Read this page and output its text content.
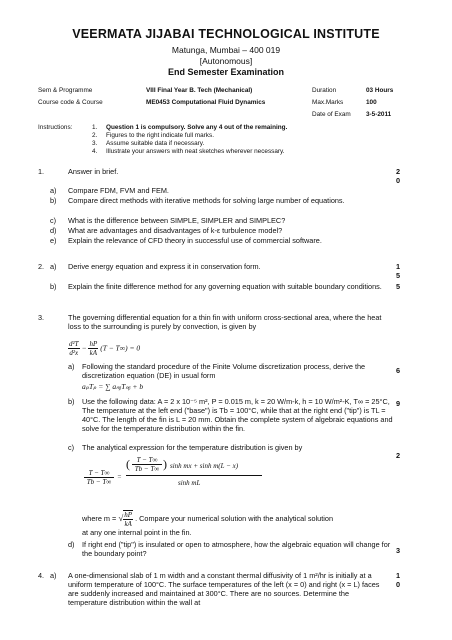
VEERMATA JIJABAI TECHNOLOGICAL INSTITUTE
Matunga, Mumbai – 400 019
[Autonomous]
End Semester Examination
Sem & Programme	VIII Final Year B. Tech (Mechanical)	Duration	03 Hours
Course code & Course	ME0453 Computational Fluid Dynamics	Max.Marks	100
Date of Exam 3-5-2011
Instructions:	1. Question 1 is compulsory. Solve any 4 out of the remaining.
2. Figures to the right indicate full marks.
3. Assume suitable data if necessary.
4. Illustrate your answers with neat sketches wherever necessary.
1.	Answer in brief.	20
a) Compare FDM, FVM and FEM.
b) Compare direct methods with iterative methods for solving large number of equations.
c) What is the difference between SIMPLE, SIMPLER and SIMPLEC?
d) What are advantages and disadvantages of k-ε turbulence model?
e) Explain the relevance of CFD theory in successful use of commercial software.
2. a) Derive energy equation and express it in conservation form.	15
b) Explain the finite difference method for any governing equation with suitable boundary conditions.	5
3.	The governing differential equation for a thin fin with uniform cross-sectional area, where the heat loss to the surrounding is purely by convection, is given by
$\frac{\text{d²T}}{\text{d²x}} - \frac{hP}{kA} (T - T\infty) = 0$
a) Following the standard procedure of the Finite Volume discretization process, derive the discretization equation (DE) in usual form
6
aₚTₚ = ∑ aₙᵦTₙᵦ + b
b) Use the following data: A = 2 x 10⁻⁵ m², P = 0.015 m, k = 20 W/m-k, h = 10 W/m²-K, T∞ = 25°C, The temperature at the left end ("base") is Tb = 100°C, while that at the right end ("tip") is TL = 40°C. The length of the fin is L = 20 mm. Obtain the complete system of algebraic equations and solve for the temperature distribution within the fin.
9
c) The analytical expression for the temperature distribution is given by
2
T − T∞
Tb − T∞
=
( T − T∞
Tb − T∞ ) sinh mx + sinh m(L − x)
sinh mL
where m = √ $\frac{hP}{kA}$ . Compare your numerical solution with the analytical solution
at any one internal point in the fin.
d) If right end ("tip") is insulated or open to atmosphere, how the algebraic equation will change for the boundary point?	3
4. a) A one-dimensional slab of 1 m width and a constant thermal diffusivity of 1 m²/hr is initially at a uniform temperature of 100°C. The surface temperatures of the left (x = 0) and right (x = L) faces are suddenly increased and maintained at 300°C. There are no sources. Determine the temperature distribution within the wall at
10
